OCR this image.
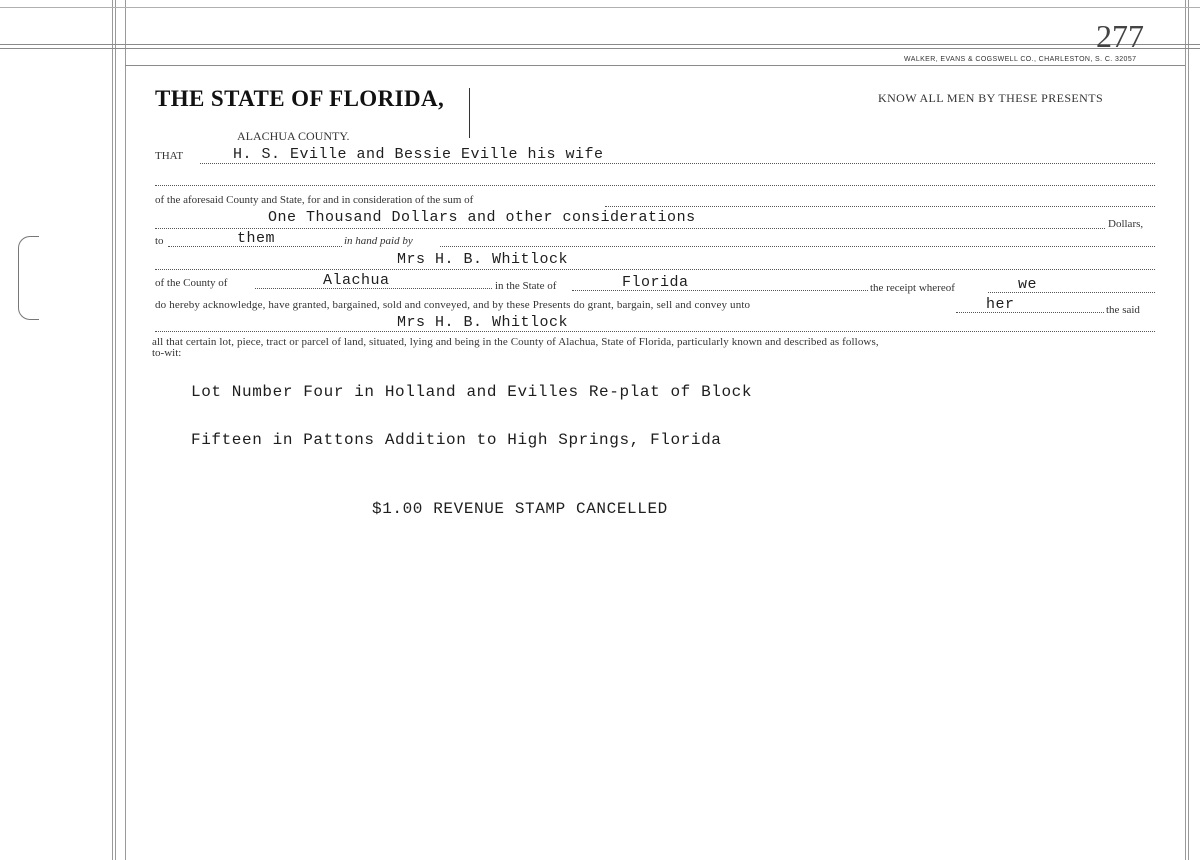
277
WALKER, EVANS & COGSWELL CO., CHARLESTON, S. C. 32057
THE STATE OF FLORIDA,	KNOW ALL MEN BY THESE PRESENTS
ALACHUA COUNTY.
THAT	H. S. Eville and Bessie Eville his wife
of the aforesaid County and State, for and in consideration of the sum of
One Thousand Dollars and other considerations	Dollars,
to	them	in hand paid by
Mrs H. B. Whitlock
of the County of	Alachua	in the State of	Florida	the receipt whereof	we
do hereby acknowledge, have granted, bargained, sold and conveyed, and by these Presents do grant, bargain, sell and convey unto	her	the said
Mrs H. B. Whitlock
all that certain lot, piece, tract or parcel of land, situated, lying and being in the County of Alachua, State of Florida, particularly known and described as follows,
to-wit:
Lot Number Four in Holland and Evilles Re-plat of Block
Fifteen in Pattons Addition to High Springs, Florida
$1.00 REVENUE STAMP CANCELLED
